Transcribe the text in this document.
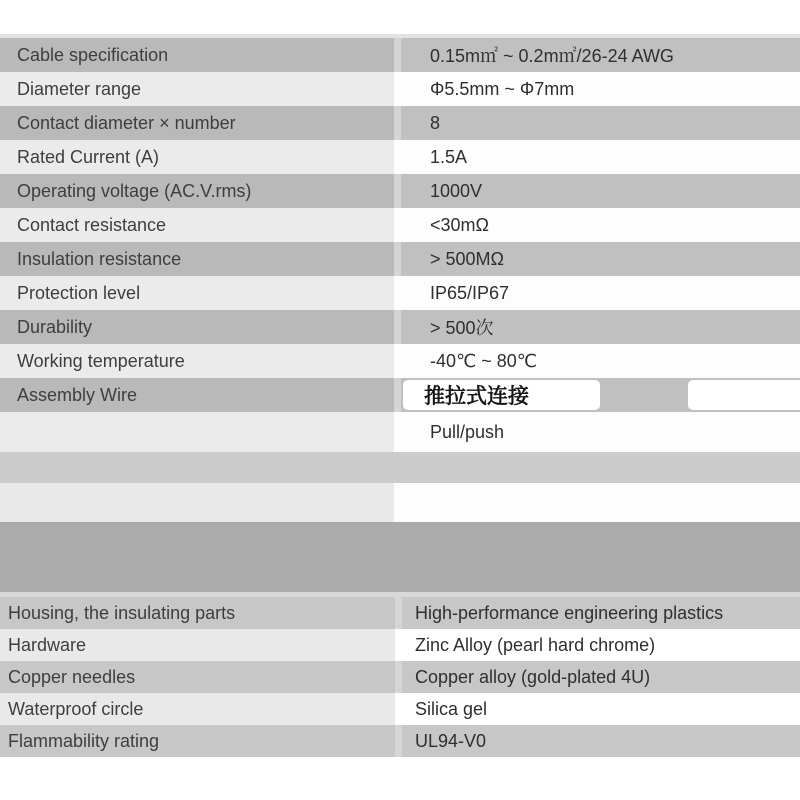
Cable specification	0.15m㎡ ~ 0.2m㎡/26-24 AWG
Diameter range	Φ5.5mm ~ Φ7mm
Contact diameter × number	8
Rated Current (A)	1.5A
Operating voltage (AC.V.rms)	1000V
Contact resistance	<30mΩ
Insulation resistance	> 500MΩ
Protection level	IP65/IP67
Durability	> 500次
Working temperature	-40℃ ~ 80℃
Assembly Wire	推拉式连接
Pull/push
Housing, the insulating parts	High-performance engineering plastics
Hardware	Zinc Alloy (pearl hard chrome)
Copper needles	Copper alloy (gold-plated 4U)
Waterproof circle	Silica gel
Flammability rating	UL94-V0
